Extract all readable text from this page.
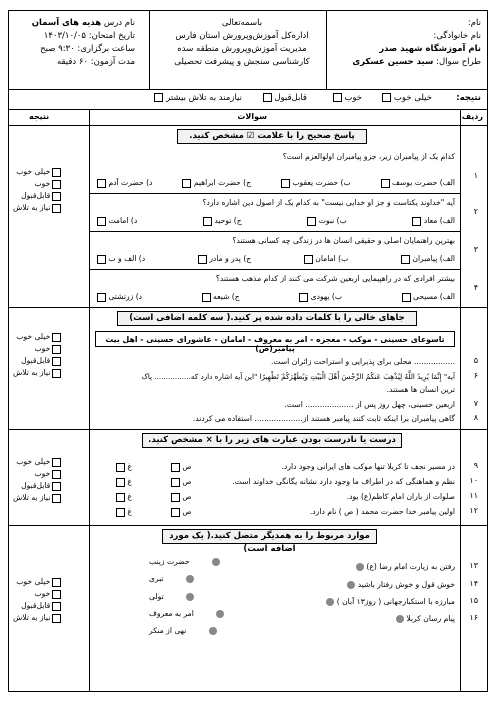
نام:
نام خانوادگی:
نام آموزشگاه شهید صدر
طراح سوال: سید حسین عسکری
باسمه‌تعالی
اداره‌کل آموزش‌وپرورش استان فارس
مدیریت آموزش‌وپرورش منطقه سده
کارشناسی سنجش و پیشرفت تحصیلی
نام درس هدیه های آسمان
تاریخ امتحان: ۱۴۰۳/۱۰/۰۵
ساعت برگزاری: ۹:۳۰ صبح
مدت آزمون: ۶۰ دقیقه
نتیجه:
خیلی خوب
خوب
قابل‌قبول
نیازمند به تلاش بیشتر
ردیف
سوالات
نتیجه
پاسخ صحیح را با علامت ☑ مشخص کنید.
۱
کدام یک از پیامبران زیر، جزو پیامبران اولوالعزم است؟
الف) حضرت یوسف
ب) حضرت یعقوب
ج) حضرت ابراهیم
د) حضرت آدم
۲
آیه "خداوند یکتاست و جز او خدایی نیست" به کدام یک از اصول دین اشاره دارد؟
الف) معاد
ب) نبوت
ج) توحید
د) امامت
۳
بهترین راهنمایان اصلی و حقیقی انسان ها در زندگی چه کسانی هستند؟
الف) پیامبران
ب) امامان
ج) پدر و مادر
د) الف و ب
۴
بیشتر افرادی که در راهپیمایی اربعین شرکت می کنند از کدام مذهب هستند؟
الف) مسیحی
ب) یهودی
ج) شیعه
د) زرتشتی
جاهای خالی را با کلمات داده شده پر کنید.( سه کلمه اضافی است)
تاسوعای حسینی - موکب - معجزه - امر به معروف - امامان - عاشورای حسینی - اهل بیت پیامبر(ص)
۵
................. محلی برای پذیرایی و استراحت زائران است.
۶
آیه" إِنَّمَا يُرِيدُ اللَّهُ لِيُذْهِبَ عَنكُمُ الرِّجْسَ أَهْلَ الْبَيْتِ وَيُطَهِّرَكُمْ تَطْهِيرًا "این آیه اشاره دارد که................ پاک
ترین انسان ها هستند.
۷
اربعین حسینی، چهل روز پس از .................... است.
۸
گاهی پیامبران برا اینکه ثابت کنند پیامبر هستند از.................... استفاده می کردند.
درست یا نادرست بودن عبارت های زیر را با × مشخص کنید.
۹
در مسیر نجف تا کربلا تنها موکب های ایرانی وجود دارد.
۱۰
نظم و هماهنگی که در اطراف ما وجود دارد نشانه یگانگی خداوند است.
۱۱
صلوات از باران امام کاظم(ع) بود.
۱۲
اولین پیامبر خدا حضرت محمد ( ص ) نام دارد.
ص
غ
ص
غ
ص
غ
ص
غ
موارد مربوط را به همدیگر متصل کنید.( یک مورد اضافه است)
۱۳
رفتن به زیارت امام رضا (ع)
۱۴
خوش قول و خوش رفتار باشید
۱۵
مبارزه با استکبارجهانی ( روز۱۳ آبان )
۱۶
پیام رسان کربلا
حضرت زینب
تبری
تولی
امر به معروف
نهی از منکر
خیلی خوب
خوب
قابل‌قبول
نیاز به تلاش
خیلی خوب
خوب
قابل‌قبول
نیاز به تلاش
خیلی خوب
خوب
قابل‌قبول
نیاز به تلاش
خیلی خوب
خوب
قابل‌قبول
نیاز به تلاش
